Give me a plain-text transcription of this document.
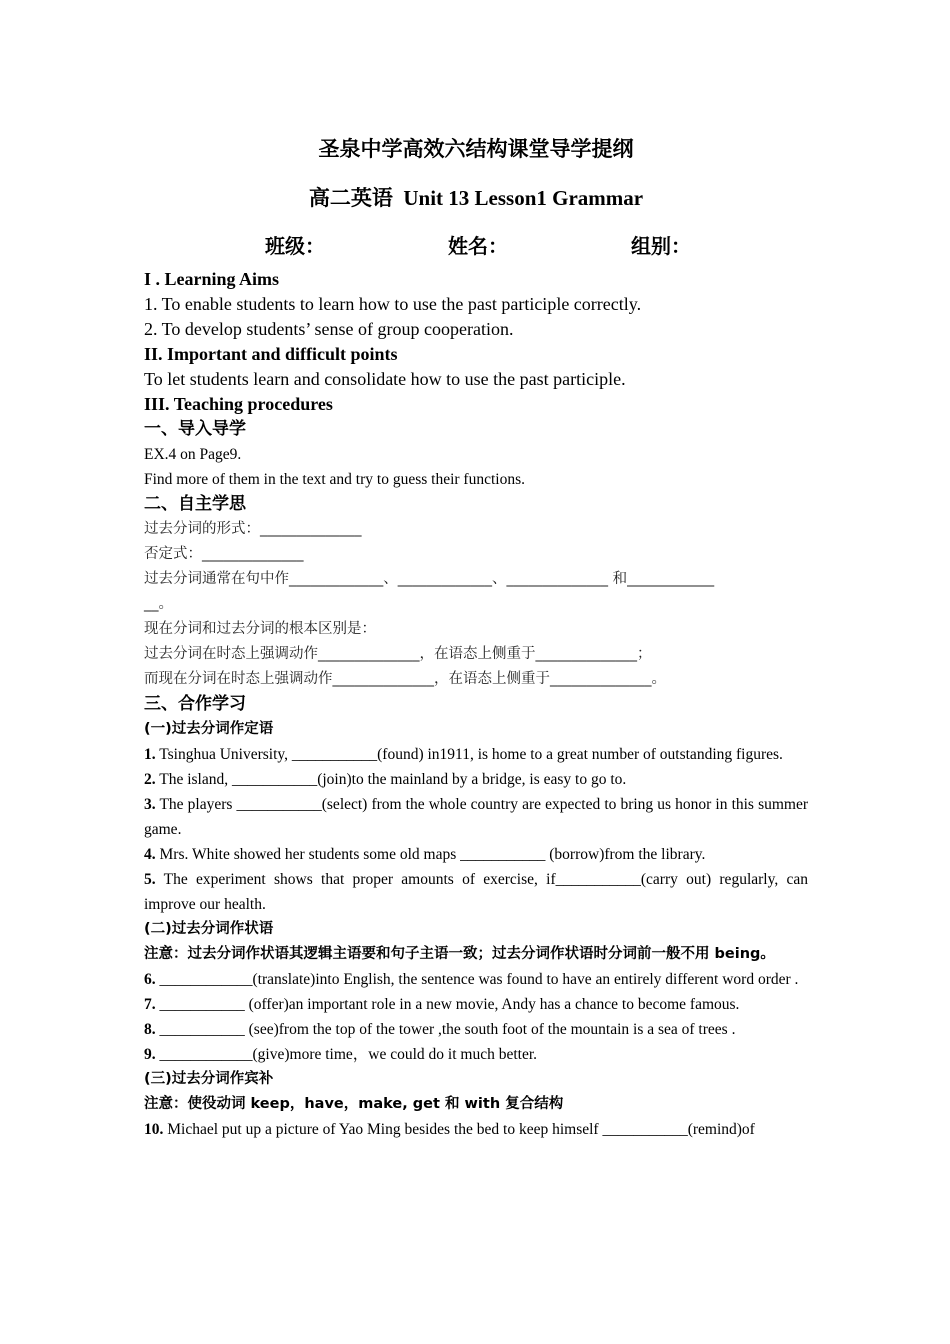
圣泉中学高效六结构课堂导学提纲
高二英语 Unit 13 Lesson1 Grammar
班级：	姓名：	组别：
I . Learning Aims
1. To enable students to learn how to use the past participle correctly.
2. To develop students’ sense of group cooperation.
II. Important and difficult points
To let students learn and consolidate how to use the past participle.
III. Teaching procedures
一、导入导学
EX.4 on Page9.
Find more of them in the text and try to guess their functions.
二、自主学思
过去分词的形式：______________
否定式：______________
过去分词通常在句中作_____________、_____________、______________ 和____________
__。
现在分词和过去分词的根本区别是：
过去分词在时态上强调动作______________，在语态上侧重于______________；
而现在分词在时态上强调动作______________，在语态上侧重于______________。
三、合作学习
(一)过去分词作定语
1. Tsinghua University, ___________(found) in1911, is home to a great number of outstanding figures.
2. The island, ___________(join)to the mainland by a bridge, is easy to go to.
3. The players ___________(select) from the whole country are expected to bring us honor in this summer game.
4. Mrs. White showed her students some old maps ___________ (borrow)from the library.
5. The experiment shows that proper amounts of exercise, if___________(carry out) regularly, can improve our health.
(二)过去分词作状语
注意：过去分词作状语其逻辑主语要和句子主语一致；过去分词作状语时分词前一般不用 being。
6. ____________(translate)into English, the sentence was found to have an entirely different word order .
7. ___________ (offer)an important role in a new movie, Andy has a chance to become famous.
8. ___________ (see)from the top of the tower ,the south foot of the mountain is a sea of trees .
9. ____________(give)more time，we could do it much better.
(三)过去分词作宾补
注意：使役动词 keep，have，make, get 和 with 复合结构
10. Michael put up a picture of Yao Ming besides the bed to keep himself ___________(remind)of
